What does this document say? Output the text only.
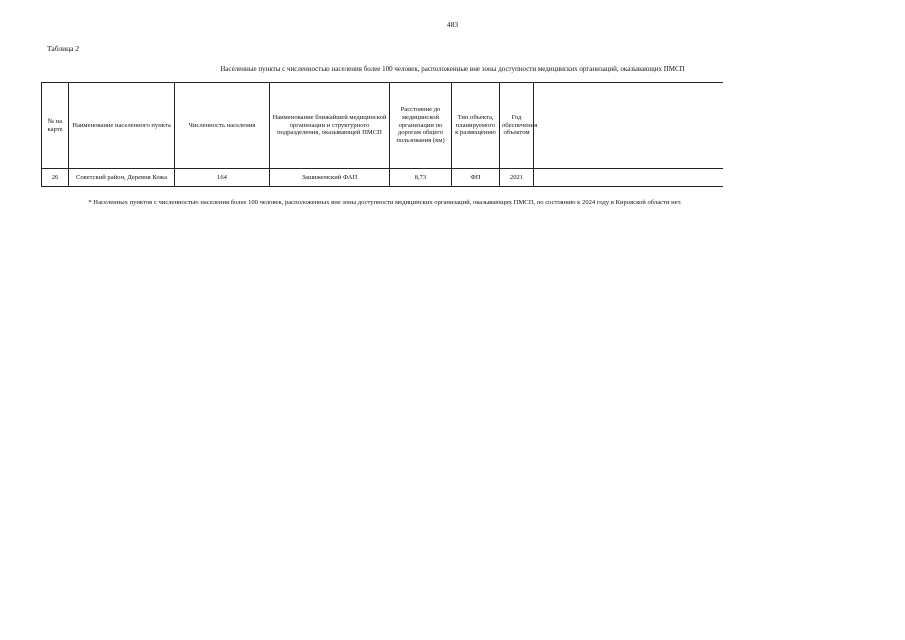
483
Таблица 2
Населенные пункты с численностью населения более 100 человек, расположенные вне зоны доступности медицинских организаций, оказывающих ПМСП
№ на карте	Наименование населенного пункта	Численность населения	Наименование ближайшей медицинской организации и структурного подразделения, оказывающей ПМСП	Расстояние до медицинской организации по дорогам общего пользования (км)	Тип объекта, планируемого к размещению	Год обеспечения объектом	
26	Советский район, Деревня Кожа	164	Зашижемский ФАП	8,73	ФП	2021	
* Населенных пунктов с численностью населения более 100 человек, расположенных вне зоны доступности медицинских организаций, оказывающих ПМСП, по состоянию к 2024 году в Кировской области нет.
